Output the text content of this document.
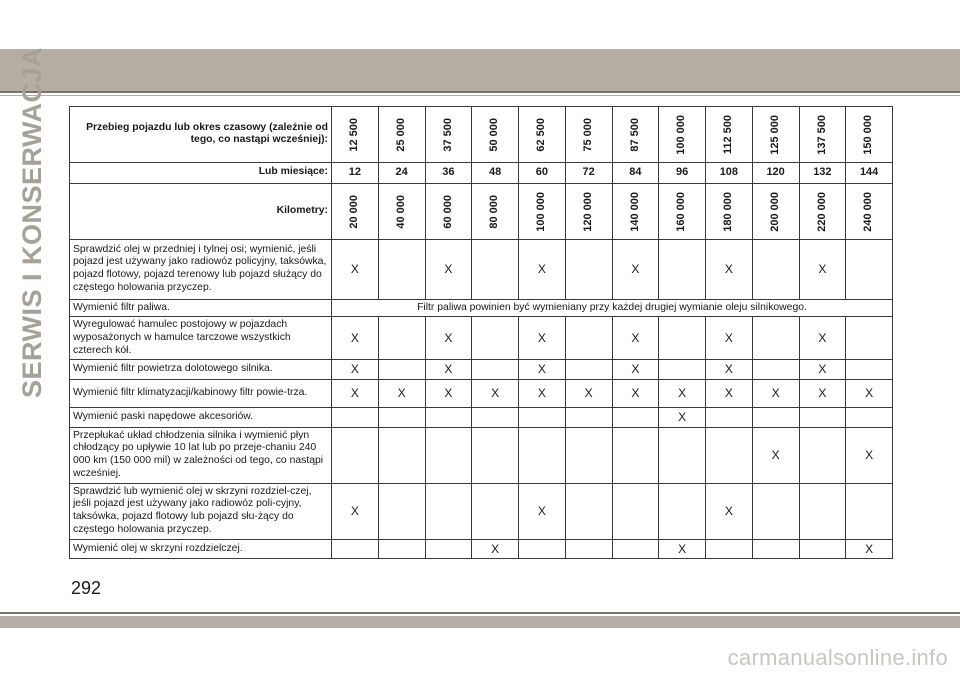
SERWIS I KONSERWACJA	Przebieg pojazdu lub okres czasowy (zależnie od tego, co nastąpi wcześniej):	12 500	25 000	37 500	50 000	62 500	75 000	87 500	100 000	112 500	125 000	137 500	150 000

Lub miesiące:	12	24	36	48	60	72	84	96	108	120	132	144
Kilometry:	20 000	40 000	60 000	80 000	100 000	120 000	140 000	160 000	180 000	200 000	220 000	240 000

Sprawdzić olej w przedniej i tylnej osi; wymienić, jeśli pojazd jest używany jako radiowóz policyjny, taksówka, pojazd flotowy, pojazd terenowy lub pojazd służący do częstego holowania przyczep.	X		X		X		X		X		X	
Wymienić filtr paliwa.	Filtr paliwa powinien być wymieniany przy każdej drugiej wymianie oleju silnikowego.											
Wyregulować hamulec postojowy w pojazdach wyposażonych w hamulce tarczowe wszystkich czterech kół.	X		X		X		X		X		X	
Wymienić filtr powietrza dolotowego silnika.	X		X		X		X		X		X	
Wymienić filtr klimatyzacji/kabinowy filtr powie-trza.	X	X	X	X	X	X	X	X	X	X	X	X
Wymienić paski napędowe akcesoriów.								X				
Przepłukać układ chłodzenia silnika i wymienić płyn chłodzący po upływie 10 lat lub po przeje-chaniu 240 000 km (150 000 mil) w zależności od tego, co nastąpi wcześniej.										X		X
Sprawdzić lub wymienić olej w skrzyni rozdziel-czej, jeśli pojazd jest używany jako radiowóz poli-cyjny, taksówka, pojazd flotowy lub pojazd słu-żący do częstego holowania przyczep.	X				X				X			
Wymienić olej w skrzyni rozdzielczej.				X				X				X
292
carmanualsonline.info
